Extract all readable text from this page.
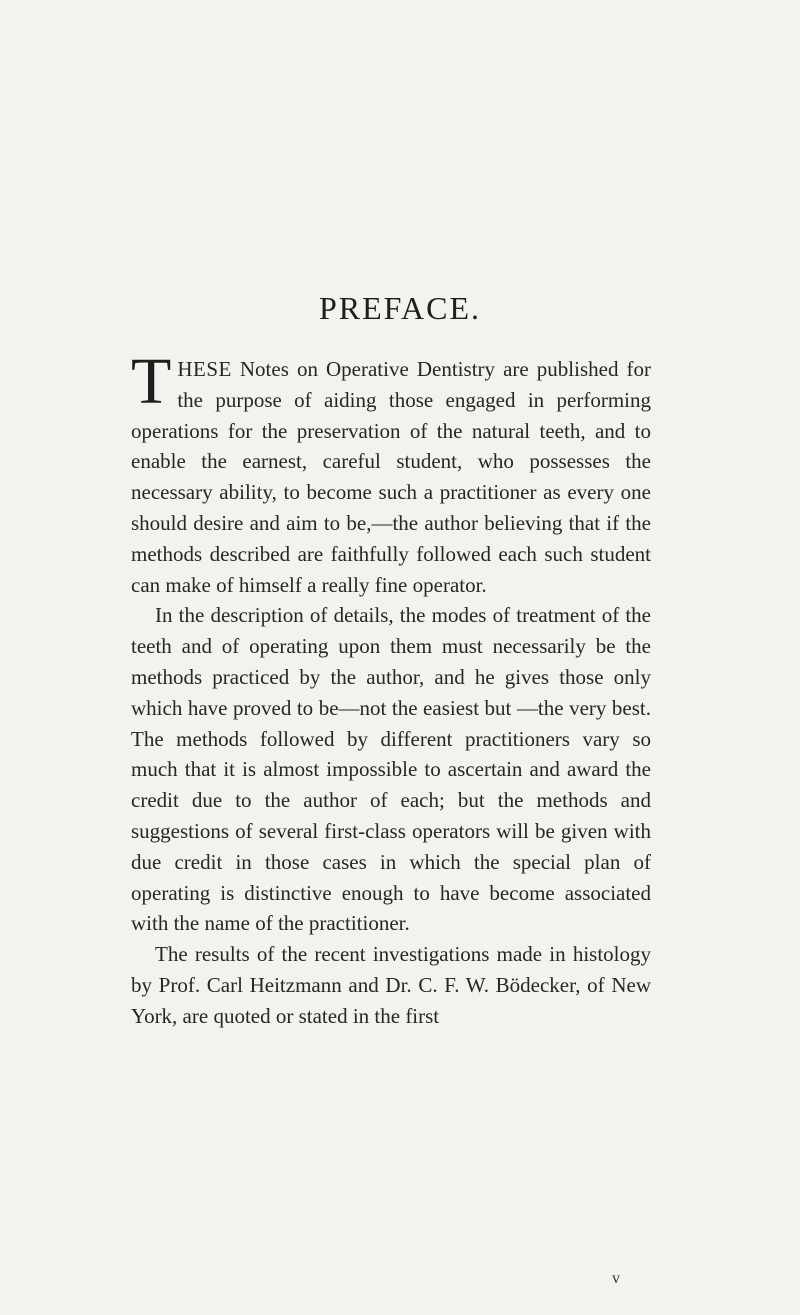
PREFACE.

THESE Notes on Operative Dentistry are published for the purpose of aiding those engaged in performing operations for the preservation of the natural teeth, and to enable the earnest, careful student, who possesses the necessary ability, to become such a practitioner as every one should desire and aim to be,—the author believing that if the methods described are faithfully followed each such student can make of himself a really fine operator.

In the description of details, the modes of treatment of the teeth and of operating upon them must necessarily be the methods practiced by the author, and he gives those only which have proved to be—not the easiest but —the very best. The methods followed by different practitioners vary so much that it is almost impossible to ascertain and award the credit due to the author of each; but the methods and suggestions of several first-class operators will be given with due credit in those cases in which the special plan of operating is distinctive enough to have become associated with the name of the practitioner.

The results of the recent investigations made in histology by Prof. Carl Heitzmann and Dr. C. F. W. Bödecker, of New York, are quoted or stated in the first

v
